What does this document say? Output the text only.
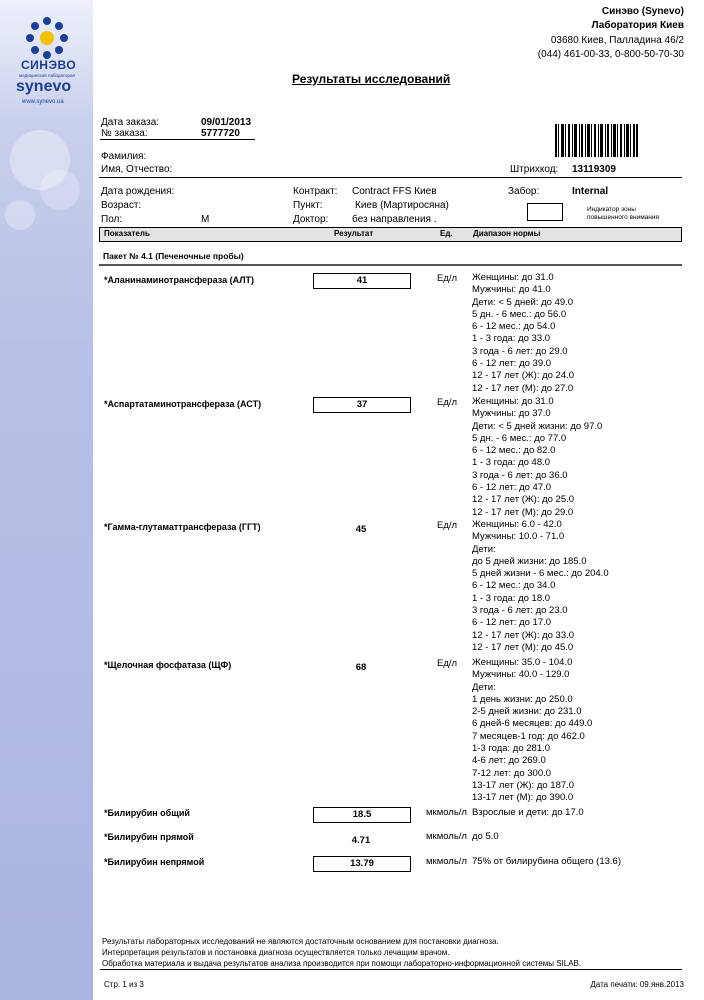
СИНЭВО
медицинская лаборатория
synevo
www.synevo.ua
Синэво (Synevo)
Лаборатория Киев
03680 Киев, Палладина 46/2
(044) 461-00-33, 0-800-50-70-30
Результаты исследований
Дата заказа:	09/01/2013
№ заказа:	5777720
Фамилия:
Имя, Отчество:	Штрихкод: 13119309
Дата рождения:
Возраст:
Пол:	М
Контракт: Contract FFS Киев
Пункт:	Киев (Мартиросяна)
Доктор: без направления .
Забор:	Internal
Индикатор зоны
повышенного внимания
Показатель	Результат	Ед.	Диапазон нормы
Пакет № 4.1 (Печеночные пробы)
*Аланинаминотрансфераза (АЛТ)	41	Ед/л Женщины: до 31.0
Мужчины: до 41.0
Дети: < 5 дней: до 49.0
5 дн. - 6 мес.: до 56.0
6 - 12 мес.: до 54.0
1 - 3 года: до 33.0
3 года - 6 лет: до 29.0
6 - 12 лет: до 39.0
12 - 17 лет (Ж): до 24.0
12 - 17 лет (М): до 27.0
*Аспартатаминотрансфераза (АСТ)	37	Ед/л Женщины: до 31.0
Мужчины: до 37.0
Дети: < 5 дней жизни: до 97.0
5 дн. - 6 мес.: до 77.0
6 - 12 мес.: до 82.0
1 - 3 года: до 48.0
3 года - 6 лет: до 36.0
6 - 12 лет: до 47.0
12 - 17 лет (Ж): до 25.0
12 - 17 лет (М): до 29.0
*Гамма-глутаматтрансфераза (ГГТ)	45	Ед/л Женщины: 6.0 - 42.0
Мужчины: 10.0 - 71.0
Дети:
до 5 дней жизни: до 185.0
5 дней жизни - 6 мес.: до 204.0
6 - 12 мес.: до 34.0
1 - 3 года: до 18.0
3 года - 6 лет: до 23.0
6 - 12 лет: до 17.0
12 - 17 лет (Ж): до 33.0
12 - 17 лет (М): до 45.0
*Щелочная фосфатаза (ЩФ)	68	Ед/л Женщины: 35.0 - 104.0
Мужчины: 40.0 - 129.0
Дети:
1 день жизни: до 250.0
2-5 дней жизни: до 231.0
6 дней-6 месяцев: до 449.0
7 месяцев-1 год: до 462.0
1-3 года: до 281.0
4-6 лет: до 269.0
7-12 лет: до 300.0
13-17 лет (Ж): до 187.0
13-17 лет (М): до 390.0
*Билирубин общий	18.5	мкмоль/л Взрослые и дети: до 17.0
*Билирубин прямой	4.71	мкмоль/л до 5.0
*Билирубин непрямой	13.79	мкмоль/л 75% от билирубина общего (13.6)
Результаты лабораторных исследований не являются достаточным основанием для постановки диагноза.
Интерпретация результатов и постановка диагноза осуществляется только лечащим врачом.
Обработка материала и выдача результатов анализа производится при помощи лабораторно-информационной системы SILAB.
Стр. 1 из 3	Дата печати: 09.янв.2013
